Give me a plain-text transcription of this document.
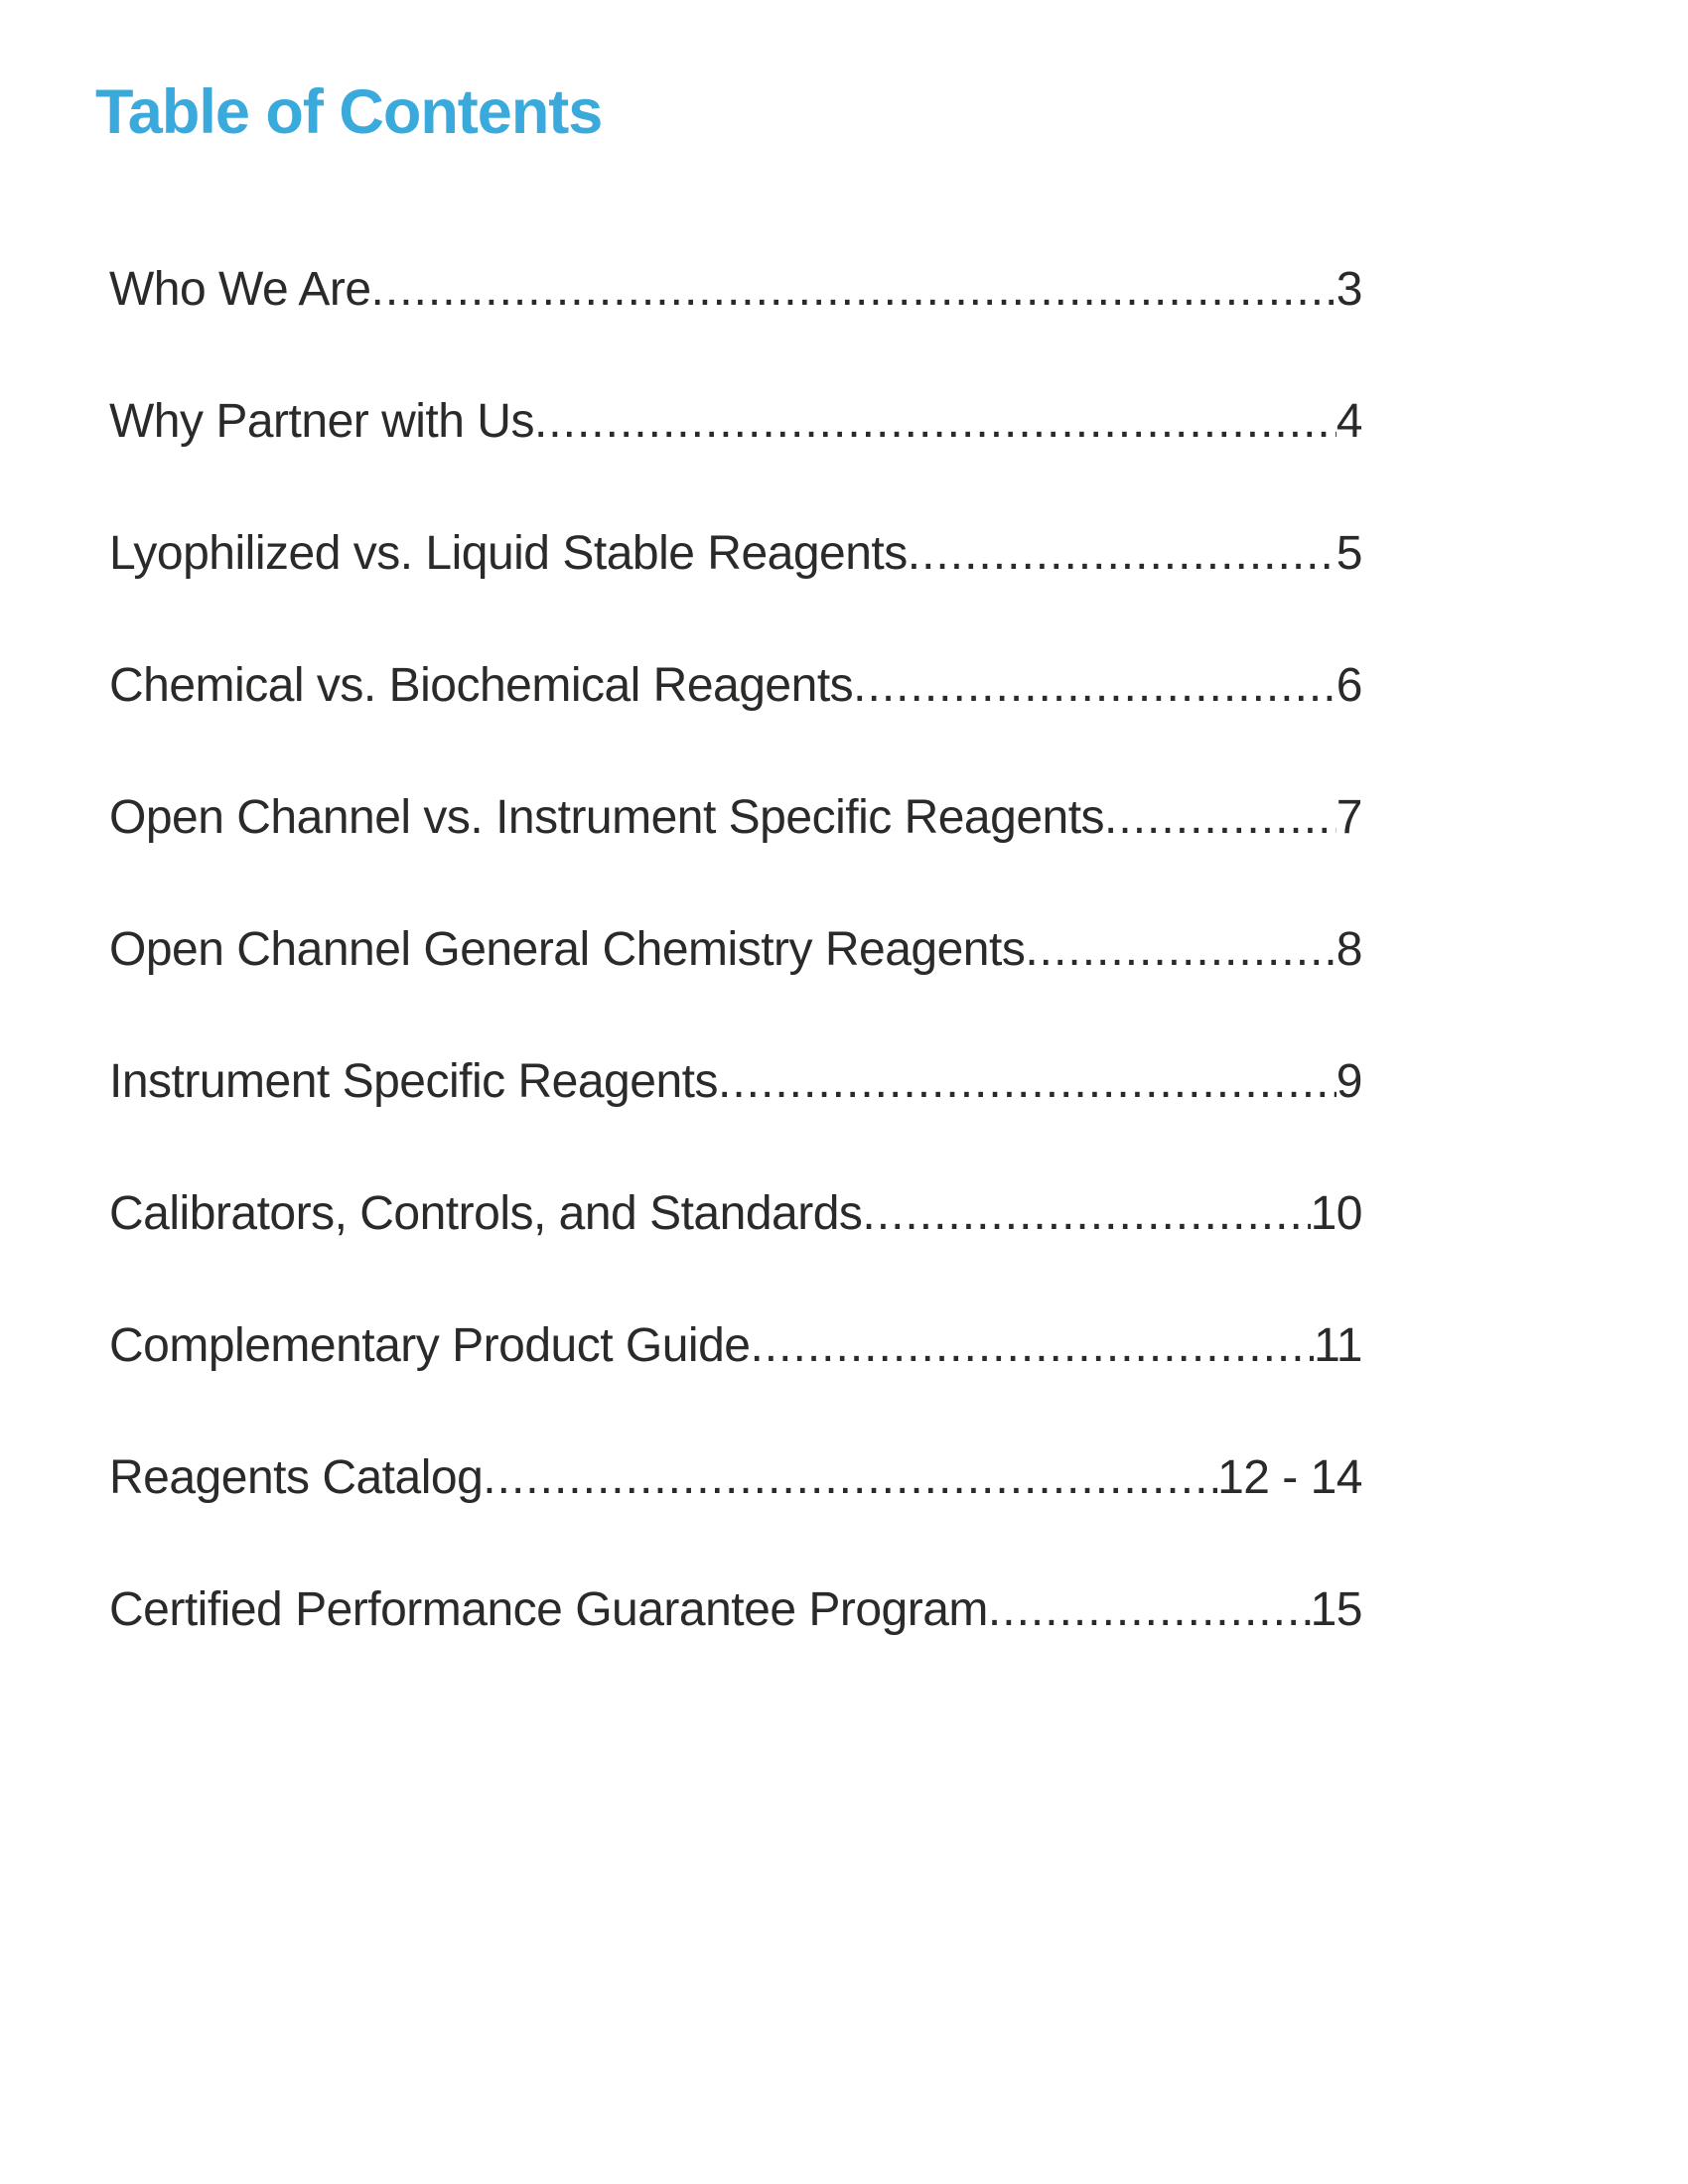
Table of Contents
Who We Are .....	3
Why Partner with Us .....	4
Lyophilized vs. Liquid Stable Reagents .....	5
Chemical vs. Biochemical Reagents .....	6
Open Channel vs. Instrument Specific Reagents .....	7
Open Channel General Chemistry Reagents .....	8
Instrument Specific Reagents .....	9
Calibrators, Controls, and Standards .....	10
Complementary Product Guide .....	11
Reagents Catalog .....	12 - 14
Certified Performance Guarantee Program .....	15
